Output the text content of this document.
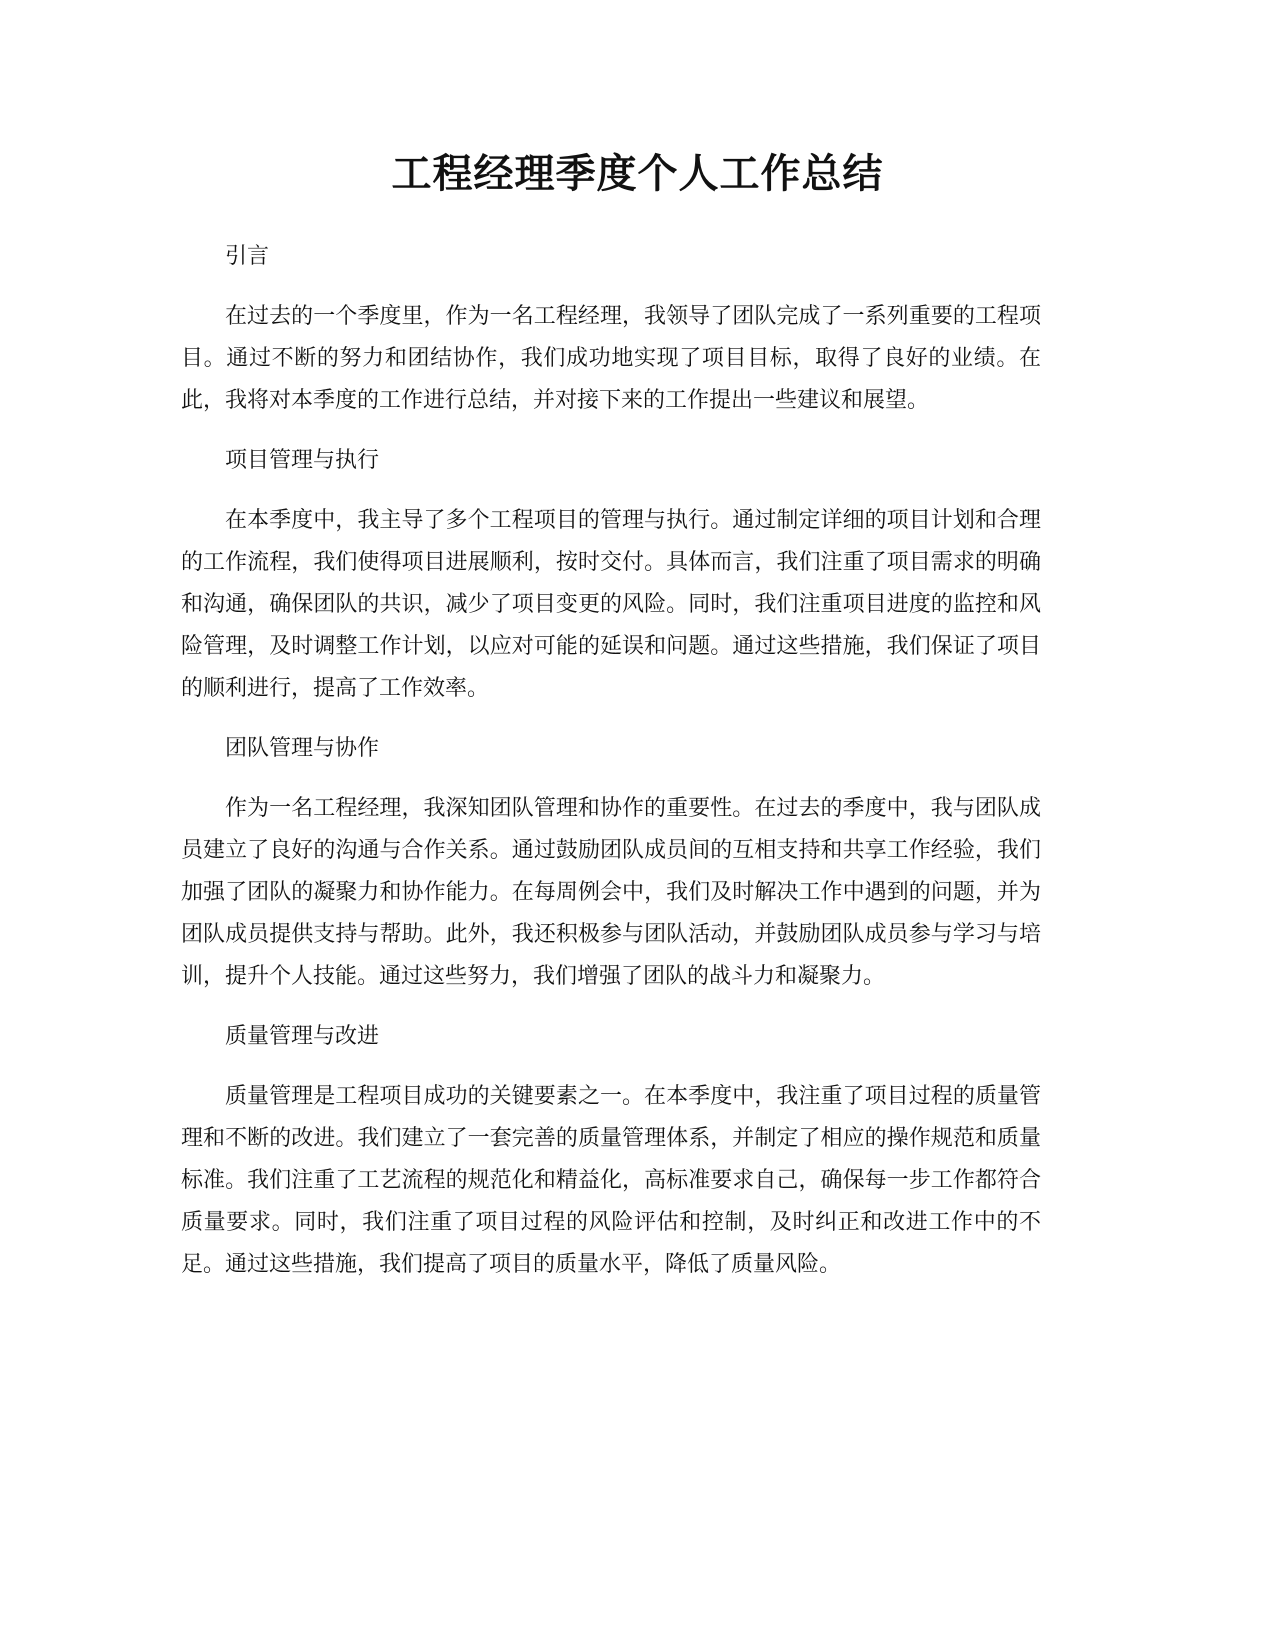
工程经理季度个人工作总结

引言

在过去的一个季度里，作为一名工程经理，我领导了团队完成了一系列重要的工程项目。通过不断的努力和团结协作，我们成功地实现了项目目标，取得了良好的业绩。在此，我将对本季度的工作进行总结，并对接下来的工作提出一些建议和展望。

项目管理与执行

在本季度中，我主导了多个工程项目的管理与执行。通过制定详细的项目计划和合理的工作流程，我们使得项目进展顺利，按时交付。具体而言，我们注重了项目需求的明确和沟通，确保团队的共识，减少了项目变更的风险。同时，我们注重项目进度的监控和风险管理，及时调整工作计划，以应对可能的延误和问题。通过这些措施，我们保证了项目的顺利进行，提高了工作效率。

团队管理与协作

作为一名工程经理，我深知团队管理和协作的重要性。在过去的季度中，我与团队成员建立了良好的沟通与合作关系。通过鼓励团队成员间的互相支持和共享工作经验，我们加强了团队的凝聚力和协作能力。在每周例会中，我们及时解决工作中遇到的问题，并为团队成员提供支持与帮助。此外，我还积极参与团队活动，并鼓励团队成员参与学习与培训，提升个人技能。通过这些努力，我们增强了团队的战斗力和凝聚力。

质量管理与改进

质量管理是工程项目成功的关键要素之一。在本季度中，我注重了项目过程的质量管理和不断的改进。我们建立了一套完善的质量管理体系，并制定了相应的操作规范和质量标准。我们注重了工艺流程的规范化和精益化，高标准要求自己，确保每一步工作都符合质量要求。同时，我们注重了项目过程的风险评估和控制，及时纠正和改进工作中的不足。通过这些措施，我们提高了项目的质量水平，降低了质量风险。
